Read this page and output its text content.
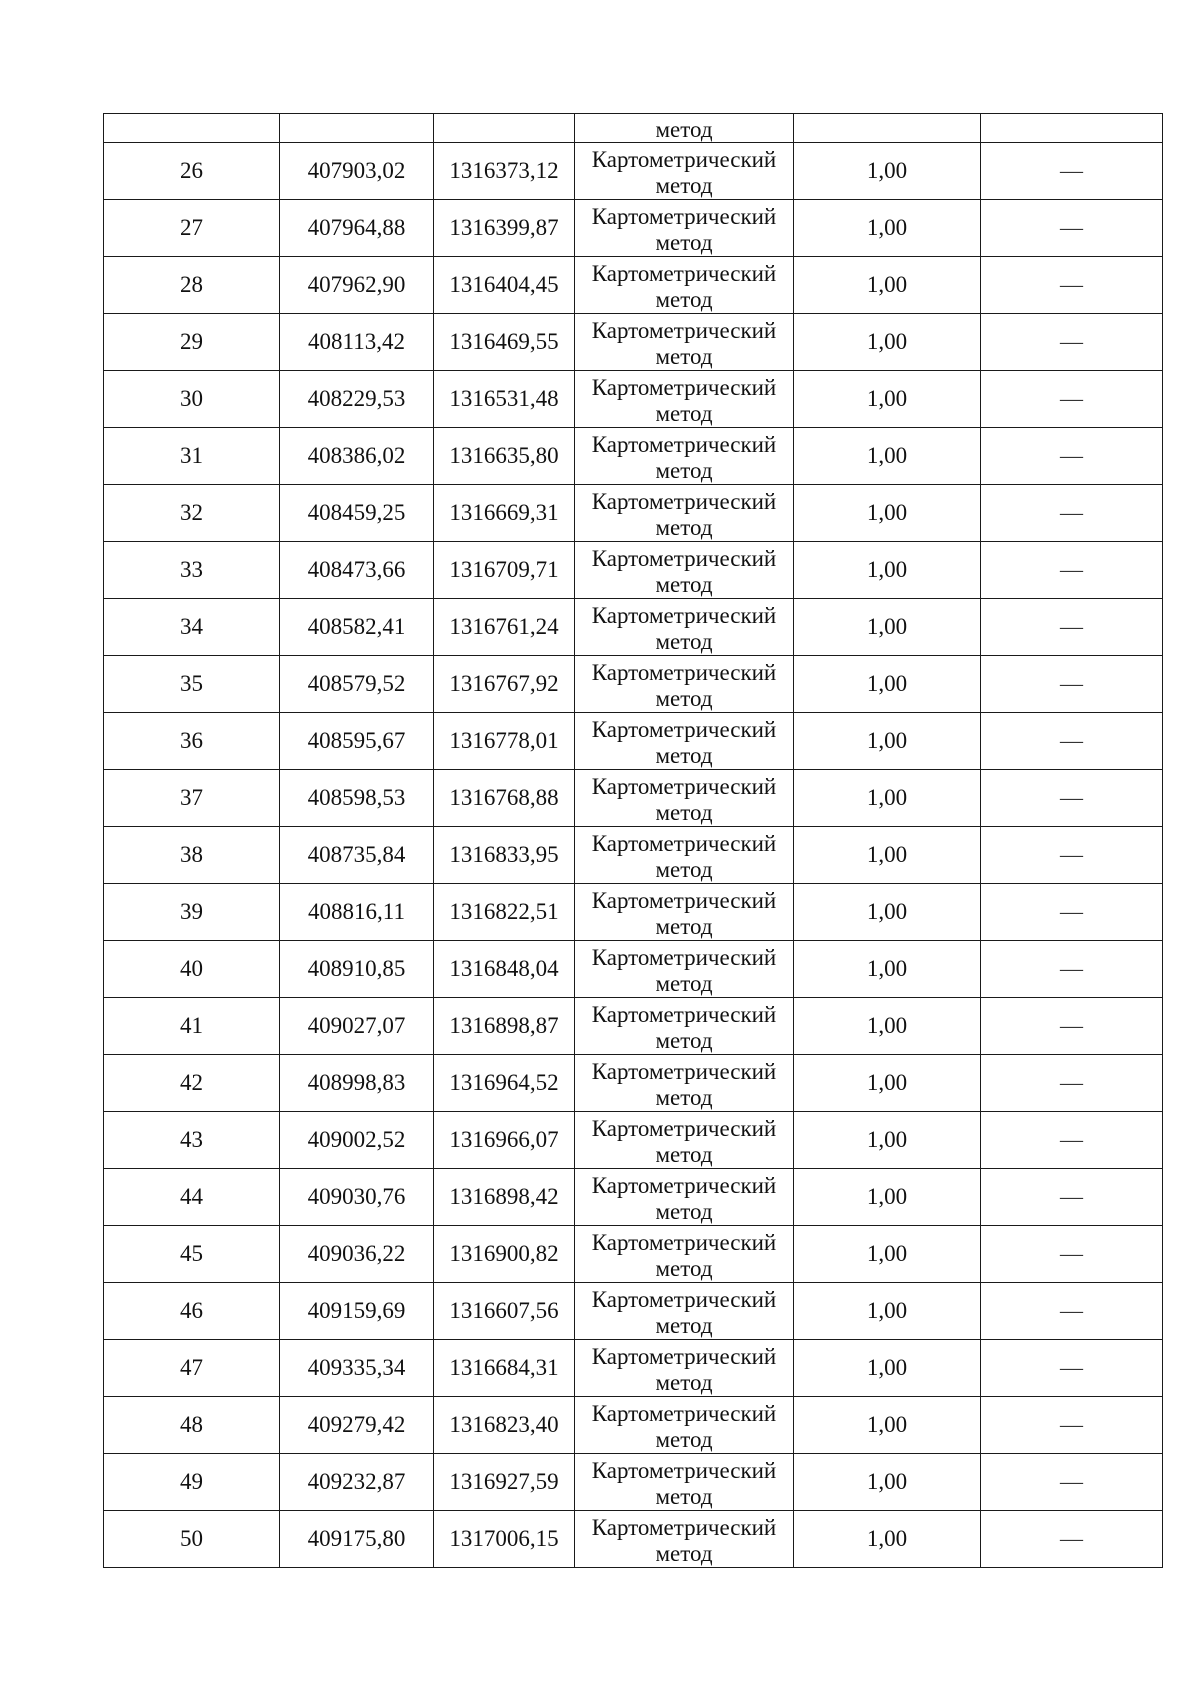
			метод		
26	407903,02	1316373,12	Картометрический
метод	1,00	—
27	407964,88	1316399,87	Картометрический
метод	1,00	—
28	407962,90	1316404,45	Картометрический
метод	1,00	—
29	408113,42	1316469,55	Картометрический
метод	1,00	—
30	408229,53	1316531,48	Картометрический
метод	1,00	—
31	408386,02	1316635,80	Картометрический
метод	1,00	—
32	408459,25	1316669,31	Картометрический
метод	1,00	—
33	408473,66	1316709,71	Картометрический
метод	1,00	—
34	408582,41	1316761,24	Картометрический
метод	1,00	—
35	408579,52	1316767,92	Картометрический
метод	1,00	—
36	408595,67	1316778,01	Картометрический
метод	1,00	—
37	408598,53	1316768,88	Картометрический
метод	1,00	—
38	408735,84	1316833,95	Картометрический
метод	1,00	—
39	408816,11	1316822,51	Картометрический
метод	1,00	—
40	408910,85	1316848,04	Картометрический
метод	1,00	—
41	409027,07	1316898,87	Картометрический
метод	1,00	—
42	408998,83	1316964,52	Картометрический
метод	1,00	—
43	409002,52	1316966,07	Картометрический
метод	1,00	—
44	409030,76	1316898,42	Картометрический
метод	1,00	—
45	409036,22	1316900,82	Картометрический
метод	1,00	—
46	409159,69	1316607,56	Картометрический
метод	1,00	—
47	409335,34	1316684,31	Картометрический
метод	1,00	—
48	409279,42	1316823,40	Картометрический
метод	1,00	—
49	409232,87	1316927,59	Картометрический
метод	1,00	—
50	409175,80	1317006,15	Картометрический
метод	1,00	—
